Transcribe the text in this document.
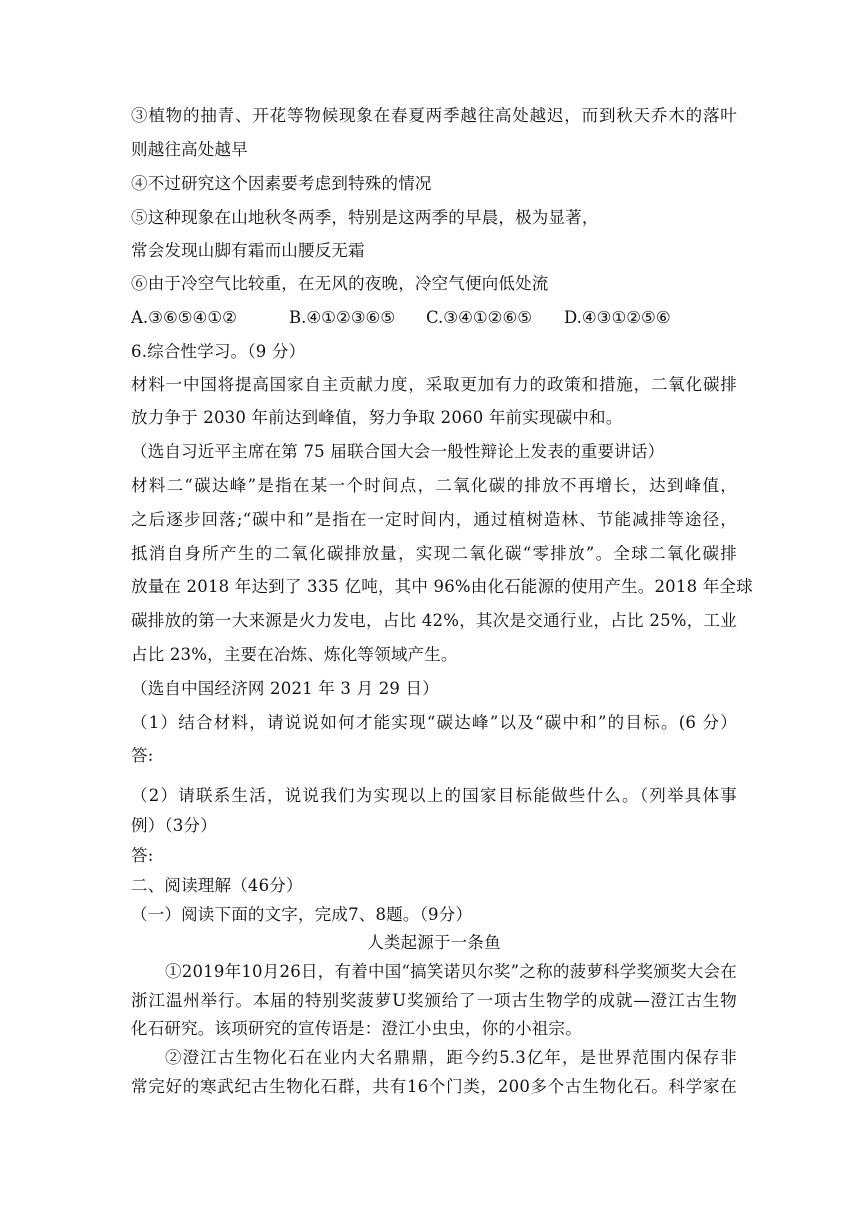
③植物的抽青、开花等物候现象在春夏两季越往高处越迟，而到秋天乔木的落叶
则越往高处越早
④不过研究这个因素要考虑到特殊的情况
⑤这种现象在山地秋冬两季，特别是这两季的早晨，极为显著，
常会发现山脚有霜而山腰反无霜
⑥由于冷空气比较重，在无风的夜晚，冷空气便向低处流
A.③⑥⑤④①②	B.④①②③⑥⑤ C.③④①②⑥⑤ D.④③①②⑤⑥
6.综合性学习。（9 分）
材料一中国将提高国家自主贡献力度，采取更加有力的政策和措施，二氧化碳排
放力争于 2030 年前达到峰值，努力争取 2060 年前实现碳中和。
（选自习近平主席在第 75 届联合国大会一般性辩论上发表的重要讲话）
材料二“碳达峰”是指在某一个时间点，二氧化碳的排放不再增长，达到峰值，
之后逐步回落;“碳中和”是指在一定时间内，通过植树造林、节能减排等途径，
抵消自身所产生的二氧化碳排放量，实现二氧化碳“零排放”。全球二氧化碳排
放量在 2018 年达到了 335 亿吨，其中 96%由化石能源的使用产生。2018 年全球
碳排放的第一大来源是火力发电，占比 42%，其次是交通行业，占比 25%，工业
占比 23%，主要在冶炼、炼化等领域产生。
（选自中国经济网 2021 年 3 月 29 日）
（1）结合材料，请说说如何才能实现“碳达峰”以及“碳中和”的目标。(6 分）
答:
（2）请联系生活，说说我们为实现以上的国家目标能做些什么。（列举具体事
例）（3分）
答:
二、阅读理解（46分）
（一）阅读下面的文字，完成7、8题。（9分）
人类起源于一条鱼
①2019年10月26日，有着中国“搞笑诺贝尔奖”之称的菠萝科学奖颁奖大会在
浙江温州举行。本届的特别奖菠萝U奖颁给了一项古生物学的成就—澄江古生物
化石研究。该项研究的宣传语是：澄江小虫虫，你的小祖宗。
②澄江古生物化石在业内大名鼎鼎，距今约5.3亿年，是世界范围内保存非
常完好的寒武纪古生物化石群，共有16个门类，200多个古生物化石。科学家在
